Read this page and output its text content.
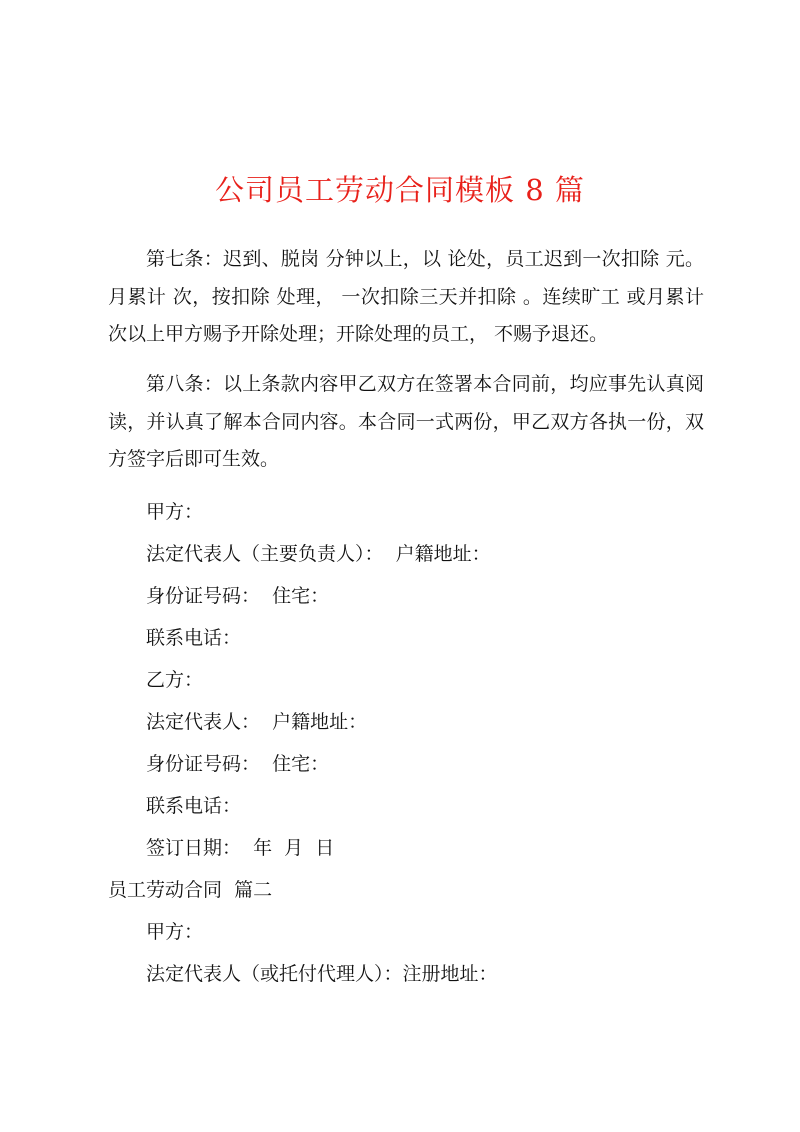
公司员工劳动合同模板 8 篇

第七条：迟到、脱岗 分钟以上，以 论处，员工迟到一次扣除 元。月累计 次，按扣除 处理， 一次扣除三天并扣除 。连续旷工 或月累计 次以上甲方赐予开除处理；开除处理的员工， 不赐予退还。

第八条：以上条款内容甲乙双方在签署本合同前，均应事先认真阅读，并认真了解本合同内容。本合同一式两份，甲乙双方各执一份，双方签字后即可生效。

甲方：

法定代表人（主要负责人）：  户籍地址：

身份证号码：  住宅：

联系电话：

乙方：

法定代表人：  户籍地址：

身份证号码：  住宅：

联系电话：

签订日期：  年  月  日

员工劳动合同  篇二

甲方：

法定代表人（或托付代理人）：注册地址：
